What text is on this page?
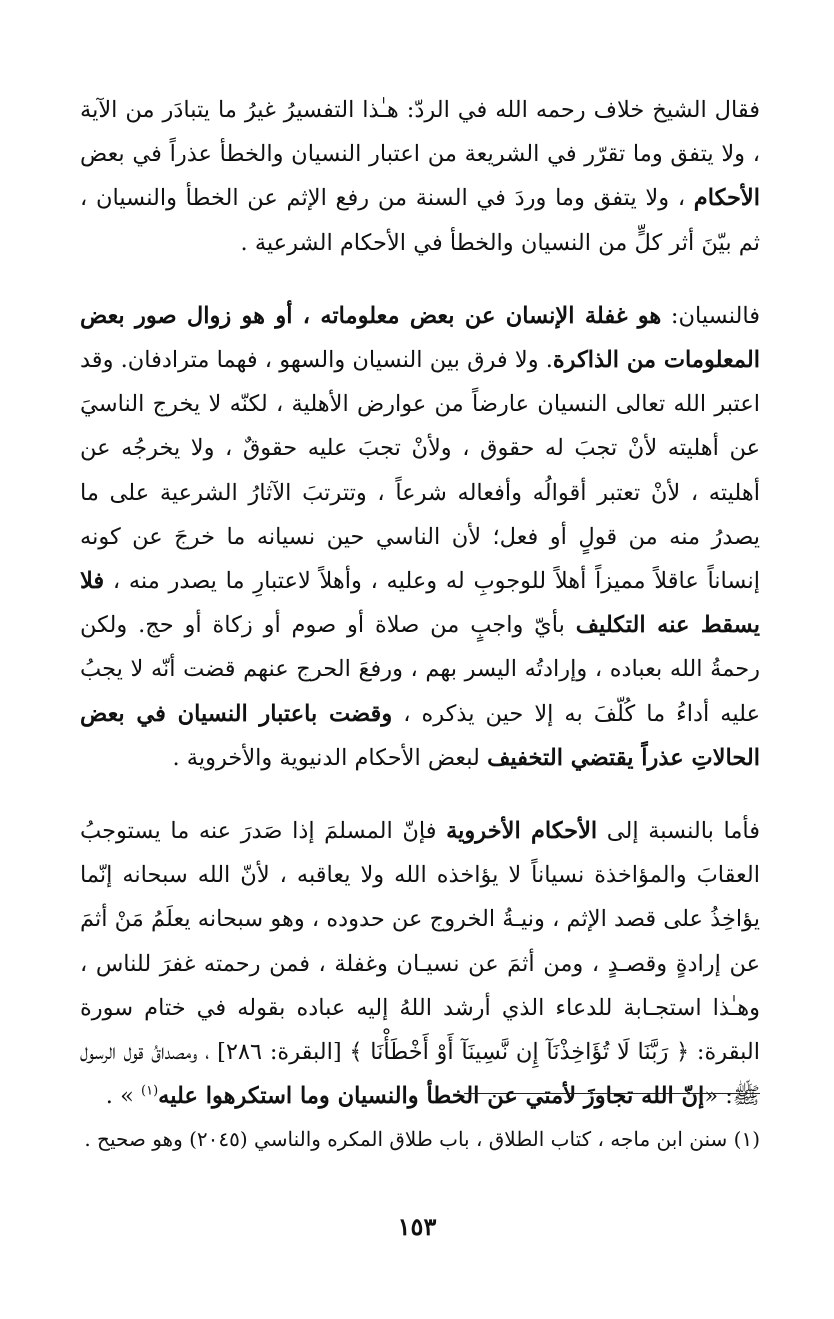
فقال الشيخ خلاف رحمه الله في الردّ: هـٰذا التفسيرُ غيرُ ما يتبادَر من الآية ، ولا يتفق وما تقرّر في الشريعة من اعتبار النسيان والخطأ عذراً في بعض الأحكام ، ولا يتفق وما وردَ في السنة من رفع الإثم عن الخطأ والنسيان ، ثم بيّنَ أثر كلٍّ من النسيان والخطأ في الأحكام الشرعية .

فالنسيان: هو غفلة الإنسان عن بعض معلوماته ، أو هو زوال صور بعض المعلومات من الذاكرة. ولا فرق بين النسيان والسهو ، فهما مترادفان. وقد اعتبر الله تعالى النسيان عارضاً من عوارض الأهلية ، لكنّه لا يخرج الناسيَ عن أهليته لأنْ تجبَ له حقوق ، ولأنْ تجبَ عليه حقوقٌ ، ولا يخرجُه عن أهليته ، لأنْ تعتبر أقوالُه وأفعاله شرعاً ، وتترتبَ الآثارُ الشرعية على ما يصدرُ منه من قولٍ أو فعل؛ لأن الناسي حين نسيانه ما خرجَ عن كونه إنساناً عاقلاً مميزاً أهلاً للوجوبِ له وعليه ، وأهلاً لاعتبارِ ما يصدر منه ، فلا يسقط عنه التكليف بأيّ واجبٍ من صلاة أو صوم أو زكاة أو حج. ولكن رحمةُ الله بعباده ، وإرادتُه اليسر بهم ، ورفعَ الحرج عنهم قضت أنّه لا يجبُ عليه أداءُ ما كُلّفَ به إلا حين يذكره ، وقضت باعتبار النسيان في بعض الحالاتِ عذراً يقتضي التخفيف لبعض الأحكام الدنيوية والأخروية .

فأما بالنسبة إلى الأحكام الأخروية فإنّ المسلمَ إذا صَدرَ عنه ما يستوجبُ العقابَ والمؤاخذة نسياناً لا يؤاخذه الله ولا يعاقبه ، لأنّ الله سبحانه إنّما يؤاخِذُ على قصد الإثم ، ونيـةُ الخروج عن حدوده ، وهو سبحانه يعلَمُ مَنْ أثمَ عن إرادةٍ وقصـدٍ ، ومن أثمَ عن نسيـان وغفلة ، فمن رحمته غفرَ للناس ، وهـٰذا استجـابة للدعاء الذي أرشد اللهُ إليه عباده بقوله في ختام سورة البقرة: ﴿ رَبَّنَا لَا تُؤَاخِذْنَآ إِن نَّسِينَآ أَوْ أَخْطَأْنَا ﴾ [البقرة: ٢٨٦] ، ومصداقُ قول الرسول ﷺ: «إنّ الله تجاوزَ لأمتي عن الخطأ والنسيان وما استكرهوا عليه$^{(١)}$ » .

(١) سنن ابن ماجه ، كتاب الطلاق ، باب طلاق المكره والناسي (٢٠٤٥) وهو صحيح .
١٥٣
